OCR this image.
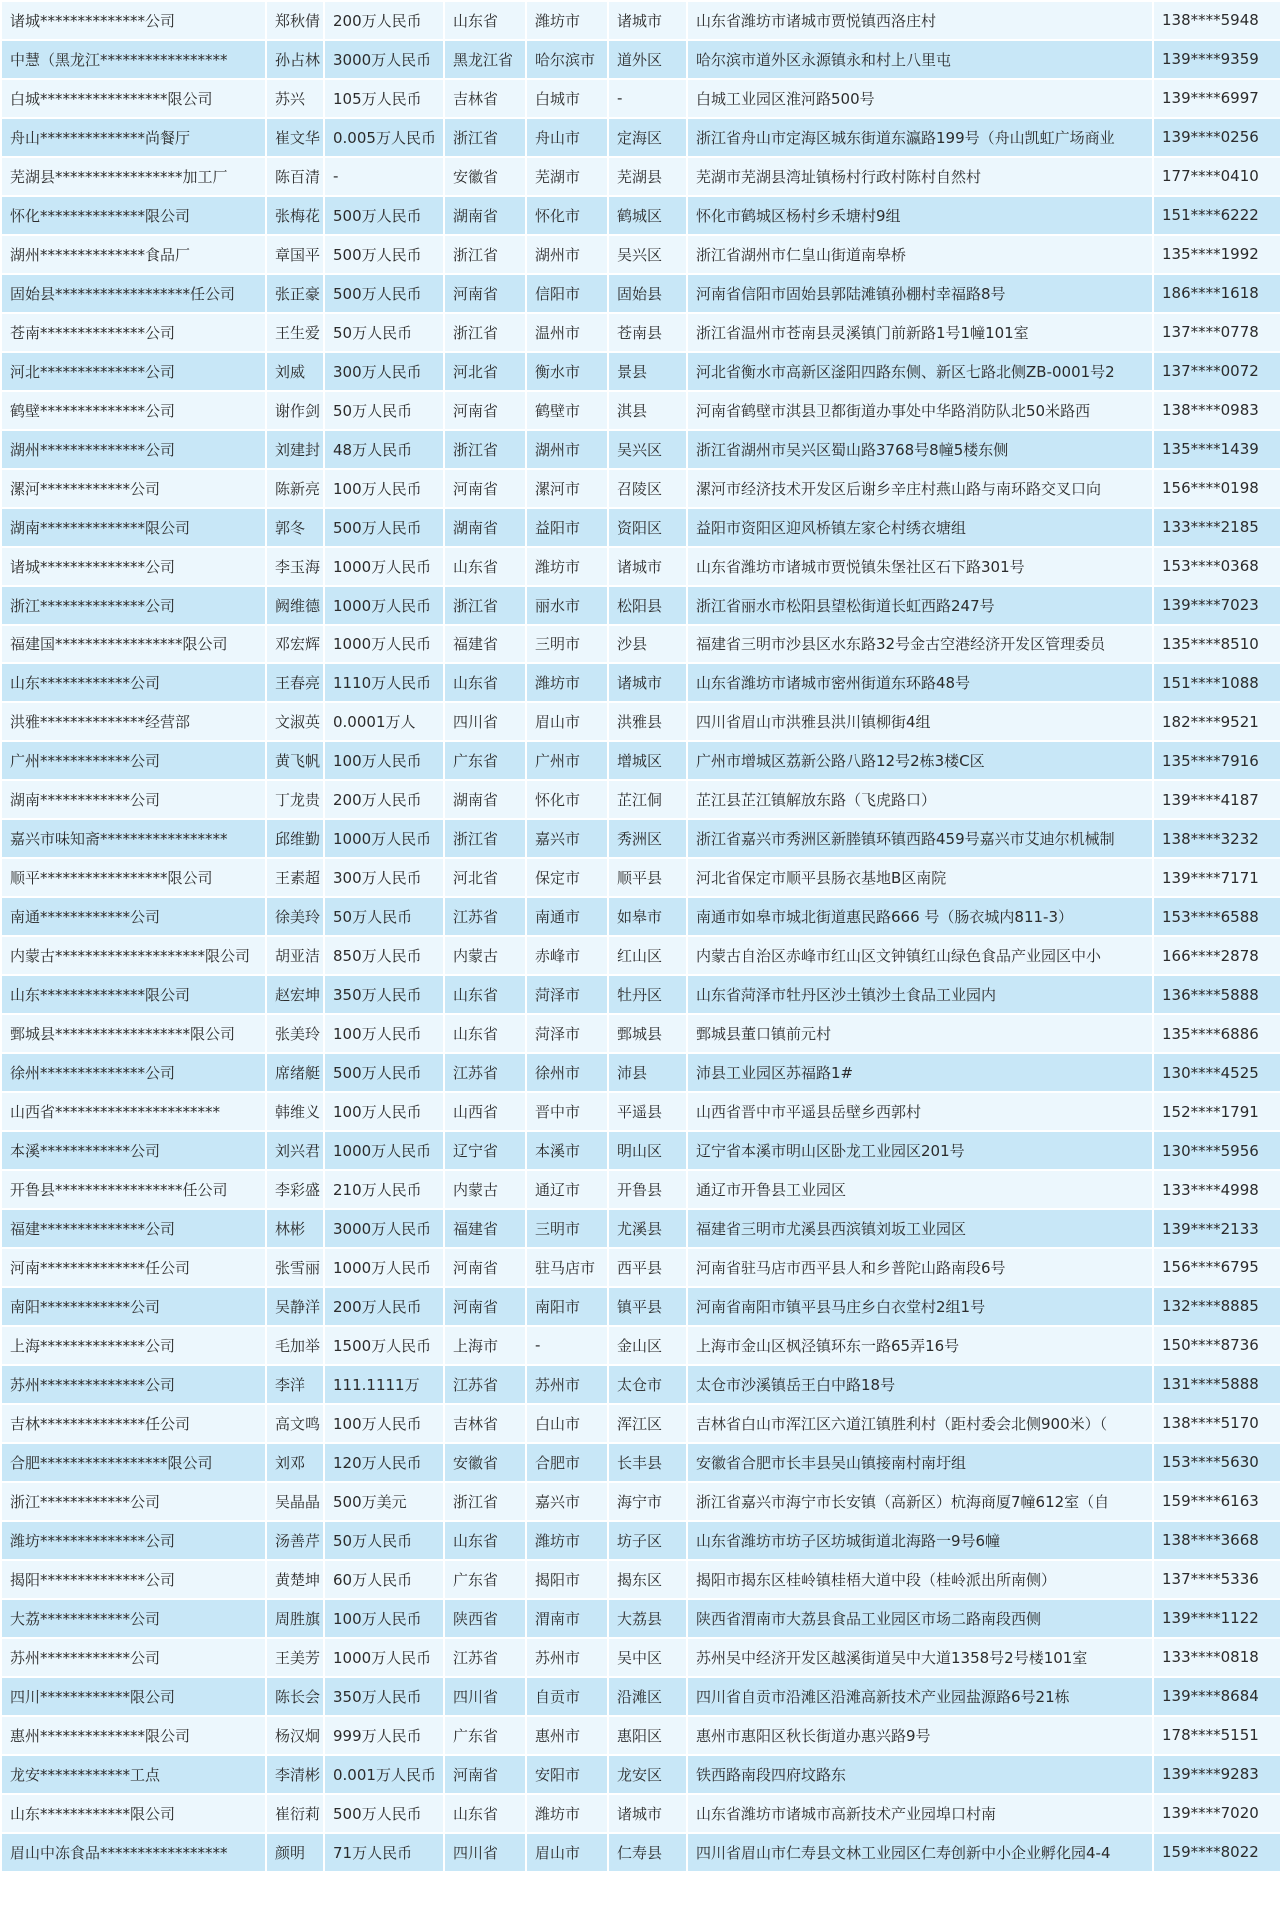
诸城**************公司	郑秋倩	200万人民币	山东省	潍坊市	诸城市	山东省潍坊市诸城市贾悦镇西洛庄村	138****5948
中慧（黑龙江*****************	孙占林	3000万人民币	黑龙江省	哈尔滨市	道外区	哈尔滨市道外区永源镇永和村上八里屯	139****9359
白城*****************限公司	苏兴	105万人民币	吉林省	白城市	-	白城工业园区淮河路500号	139****6997
舟山**************尚餐厅	崔文华	0.005万人民币	浙江省	舟山市	定海区	浙江省舟山市定海区城东街道东瀛路199号（舟山凯虹广场商业	139****0256
芜湖县*****************加工厂	陈百清	-	安徽省	芜湖市	芜湖县	芜湖市芜湖县湾址镇杨村行政村陈村自然村	177****0410
怀化**************限公司	张梅花	500万人民币	湖南省	怀化市	鹤城区	怀化市鹤城区杨村乡禾塘村9组	151****6222
湖州**************食品厂	章国平	500万人民币	浙江省	湖州市	吴兴区	浙江省湖州市仁皇山街道南皋桥	135****1992
固始县******************任公司	张正豪	500万人民币	河南省	信阳市	固始县	河南省信阳市固始县郭陆滩镇孙棚村幸福路8号	186****1618
苍南**************公司	王生爱	50万人民币	浙江省	温州市	苍南县	浙江省温州市苍南县灵溪镇门前新路1号1幢101室	137****0778
河北**************公司	刘威	300万人民币	河北省	衡水市	景县	河北省衡水市高新区滏阳四路东侧、新区七路北侧ZB-0001号2	137****0072
鹤壁**************公司	谢作剑	50万人民币	河南省	鹤壁市	淇县	河南省鹤壁市淇县卫都街道办事处中华路消防队北50米路西	138****0983
湖州**************公司	刘建封	48万人民币	浙江省	湖州市	吴兴区	浙江省湖州市吴兴区蜀山路3768号8幢5楼东侧	135****1439
漯河************公司	陈新亮	100万人民币	河南省	漯河市	召陵区	漯河市经济技术开发区后谢乡辛庄村燕山路与南环路交叉口向	156****0198
湖南**************限公司	郭冬	500万人民币	湖南省	益阳市	资阳区	益阳市资阳区迎风桥镇左家仑村绣衣塘组	133****2185
诸城**************公司	李玉海	1000万人民币	山东省	潍坊市	诸城市	山东省潍坊市诸城市贾悦镇朱堡社区石下路301号	153****0368
浙江**************公司	阙维德	1000万人民币	浙江省	丽水市	松阳县	浙江省丽水市松阳县望松街道长虹西路247号	139****7023
福建国*****************限公司	邓宏辉	1000万人民币	福建省	三明市	沙县	福建省三明市沙县区水东路32号金古空港经济开发区管理委员	135****8510
山东************公司	王春亮	1110万人民币	山东省	潍坊市	诸城市	山东省潍坊市诸城市密州街道东环路48号	151****1088
洪雅**************经营部	文淑英	0.0001万人	四川省	眉山市	洪雅县	四川省眉山市洪雅县洪川镇柳街4组	182****9521
广州************公司	黄飞帆	100万人民币	广东省	广州市	增城区	广州市增城区荔新公路八路12号2栋3楼C区	135****7916
湖南************公司	丁龙贵	200万人民币	湖南省	怀化市	芷江侗	芷江县芷江镇解放东路（飞虎路口）	139****4187
嘉兴市味知斋*****************	邱维勤	1000万人民币	浙江省	嘉兴市	秀洲区	浙江省嘉兴市秀洲区新塍镇环镇西路459号嘉兴市艾迪尔机械制	138****3232
顺平*****************限公司	王素超	300万人民币	河北省	保定市	顺平县	河北省保定市顺平县肠衣基地B区南院	139****7171
南通************公司	徐美玲	50万人民币	江苏省	南通市	如皋市	南通市如皋市城北街道惠民路666 号（肠衣城内811-3）	153****6588
内蒙古********************限公司	胡亚洁	850万人民币	内蒙古	赤峰市	红山区	内蒙古自治区赤峰市红山区文钟镇红山绿色食品产业园区中小	166****2878
山东**************限公司	赵宏坤	350万人民币	山东省	菏泽市	牡丹区	山东省菏泽市牡丹区沙土镇沙土食品工业园内	136****5888
鄄城县******************限公司	张美玲	100万人民币	山东省	菏泽市	鄄城县	鄄城县董口镇前元村	135****6886
徐州**************公司	席绪艇	500万人民币	江苏省	徐州市	沛县	沛县工业园区苏福路1#	130****4525
山西省**********************	韩维义	100万人民币	山西省	晋中市	平遥县	山西省晋中市平遥县岳壁乡西郭村	152****1791
本溪************公司	刘兴君	1000万人民币	辽宁省	本溪市	明山区	辽宁省本溪市明山区卧龙工业园区201号	130****5956
开鲁县*****************任公司	李彩盛	210万人民币	内蒙古	通辽市	开鲁县	通辽市开鲁县工业园区	133****4998
福建**************公司	林彬	3000万人民币	福建省	三明市	尤溪县	福建省三明市尤溪县西滨镇刘坂工业园区	139****2133
河南**************任公司	张雪丽	1000万人民币	河南省	驻马店市	西平县	河南省驻马店市西平县人和乡普陀山路南段6号	156****6795
南阳************公司	吴静洋	200万人民币	河南省	南阳市	镇平县	河南省南阳市镇平县马庄乡白衣堂村2组1号	132****8885
上海**************公司	毛加举	1500万人民币	上海市	-	金山区	上海市金山区枫泾镇环东一路65弄16号	150****8736
苏州**************公司	李洋	111.1111万	江苏省	苏州市	太仓市	太仓市沙溪镇岳王白中路18号	131****5888
吉林**************任公司	高文鸣	100万人民币	吉林省	白山市	浑江区	吉林省白山市浑江区六道江镇胜利村（距村委会北侧900米）（	138****5170
合肥*****************限公司	刘邓	120万人民币	安徽省	合肥市	长丰县	安徽省合肥市长丰县吴山镇接南村南圩组	153****5630
浙江************公司	吴晶晶	500万美元	浙江省	嘉兴市	海宁市	浙江省嘉兴市海宁市长安镇（高新区）杭海商厦7幢612室（自	159****6163
潍坊**************公司	汤善芹	50万人民币	山东省	潍坊市	坊子区	山东省潍坊市坊子区坊城街道北海路一9号6幢	138****3668
揭阳**************公司	黄楚坤	60万人民币	广东省	揭阳市	揭东区	揭阳市揭东区桂岭镇桂梧大道中段（桂岭派出所南侧）	137****5336
大荔************公司	周胜旗	100万人民币	陕西省	渭南市	大荔县	陕西省渭南市大荔县食品工业园区市场二路南段西侧	139****1122
苏州************公司	王美芳	1000万人民币	江苏省	苏州市	吴中区	苏州吴中经济开发区越溪街道吴中大道1358号2号楼101室	133****0818
四川************限公司	陈长会	350万人民币	四川省	自贡市	沿滩区	四川省自贡市沿滩区沿滩高新技术产业园盐源路6号21栋	139****8684
惠州**************限公司	杨汉炯	999万人民币	广东省	惠州市	惠阳区	惠州市惠阳区秋长街道办惠兴路9号	178****5151
龙安************工点	李清彬	0.001万人民币	河南省	安阳市	龙安区	铁西路南段四府坟路东	139****9283
山东************限公司	崔衍莉	500万人民币	山东省	潍坊市	诸城市	山东省潍坊市诸城市高新技术产业园埠口村南	139****7020
眉山中冻食品*****************	颜明	71万人民币	四川省	眉山市	仁寿县	四川省眉山市仁寿县文林工业园区仁寿创新中小企业孵化园4-4	159****8022
